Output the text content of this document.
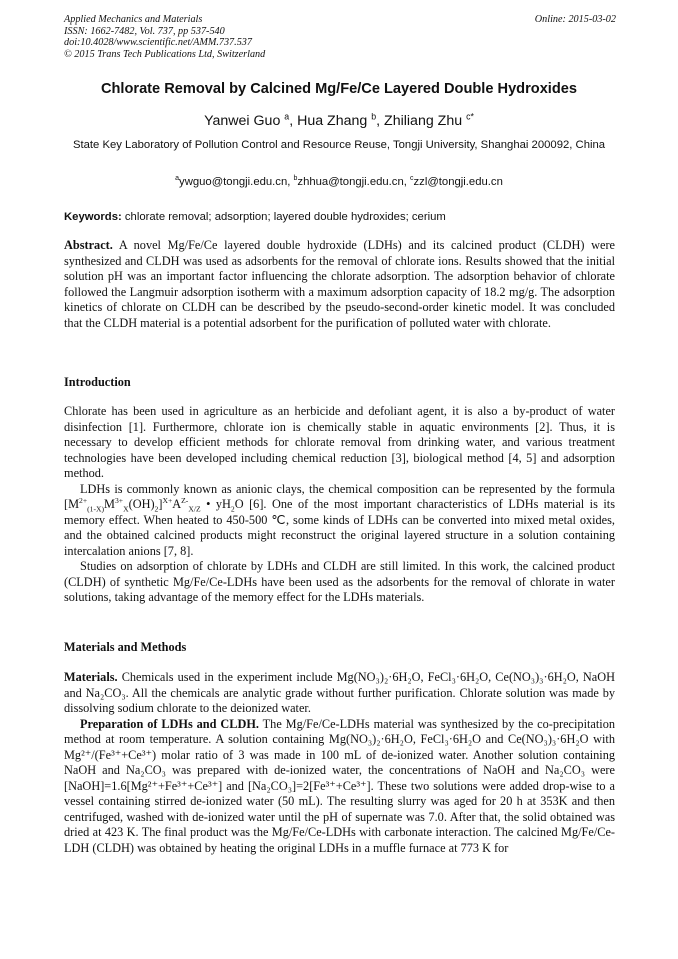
Applied Mechanics and Materials
ISSN: 1662-7482, Vol. 737, pp 537-540
doi:10.4028/www.scientific.net/AMM.737.537
© 2015 Trans Tech Publications Ltd, Switzerland
Online: 2015-03-02
Chlorate Removal by Calcined Mg/Fe/Ce Layered Double Hydroxides
Yanwei Guo $^a$, Hua Zhang $^b$, Zhiliang Zhu $^{c*}$
State Key Laboratory of Pollution Control and Resource Reuse, Tongji University, Shanghai 200092, China
$^a$ywguo@tongji.edu.cn, $^b$zhhua@tongji.edu.cn, $^c$zzl@tongji.edu.cn
Keywords: chlorate removal; adsorption; layered double hydroxides; cerium

Abstract. A novel Mg/Fe/Ce layered double hydroxide (LDHs) and its calcined product (CLDH) were synthesized and CLDH was used as adsorbents for the removal of chlorate ions. Results showed that the initial solution pH was an important factor influencing the chlorate adsorption. The adsorption behavior of chlorate followed the Langmuir adsorption isotherm with a maximum adsorption capacity of 18.2 mg/g. The adsorption kinetics of chlorate on CLDH can be described by the pseudo-second-order kinetic model. It was concluded that the CLDH material is a potential adsorbent for the purification of polluted water with chlorate.

Introduction

Chlorate has been used in agriculture as an herbicide and defoliant agent, it is also a by-product of water disinfection [1]. Furthermore, chlorate ion is chemically stable in aquatic environments [2]. Thus, it is necessary to develop efficient methods for chlorate removal from drinking water, and various treatment technologies have been developed including chemical reduction [3], biological method [4, 5] and adsorption method.

LDHs is commonly known as anionic clays, the chemical composition can be represented by the formula $[M^{2+}_{(1-X)}M^{3+}_X(OH)_2]^{X+}A^{Z-}_{X/Z}$ • $yH_2O$ [6]. One of the most important characteristics of LDHs material is its memory effect. When heated to 450-500 ℃, some kinds of LDHs can be converted into mixed metal oxides, and the obtained calcined products might reconstruct the original layered structure in a solution containing intercalation anions [7, 8].

Studies on adsorption of chlorate by LDHs and CLDH are still limited. In this work, the calcined product (CLDH) of synthetic Mg/Fe/Ce-LDHs have been used as the adsorbents for the removal of chlorate in water solutions, taking advantage of the memory effect for the LDHs materials.

Materials and Methods

Materials. Chemicals used in the experiment include Mg(NO₃)₂·6H₂O, FeCl₃·6H₂O, Ce(NO₃)₃·6H₂O, NaOH and Na₂CO₃. All the chemicals are analytic grade without further purification. Chlorate solution was made by dissolving sodium chlorate to the deionized water.

Preparation of LDHs and CLDH. The Mg/Fe/Ce-LDHs material was synthesized by the co-precipitation method at room temperature. A solution containing Mg(NO₃)₂·6H₂O, FeCl₃·6H₂O and Ce(NO₃)₃·6H₂O with Mg²⁺/(Fe³⁺+Ce³⁺) molar ratio of 3 was made in 100 mL of de-ionized water. Another solution containing NaOH and Na₂CO₃ was prepared with de-ionized water, the concentrations of NaOH and Na₂CO₃ were [NaOH]=1.6[Mg²⁺+Fe³⁺+Ce³⁺] and [Na₂CO₃]=2[Fe³⁺+Ce³⁺]. These two solutions were added drop-wise to a vessel containing stirred de-ionized water (50 mL). The resulting slurry was aged for 20 h at 353K and then centrifuged, washed with de-ionized water until the pH of supernate was 7.0. After that, the solid obtained was dried at 423 K. The final product was the Mg/Fe/Ce-LDHs with carbonate interaction. The calcined Mg/Fe/Ce-LDH (CLDH) was obtained by heating the original LDHs in a muffle furnace at 773 K for
